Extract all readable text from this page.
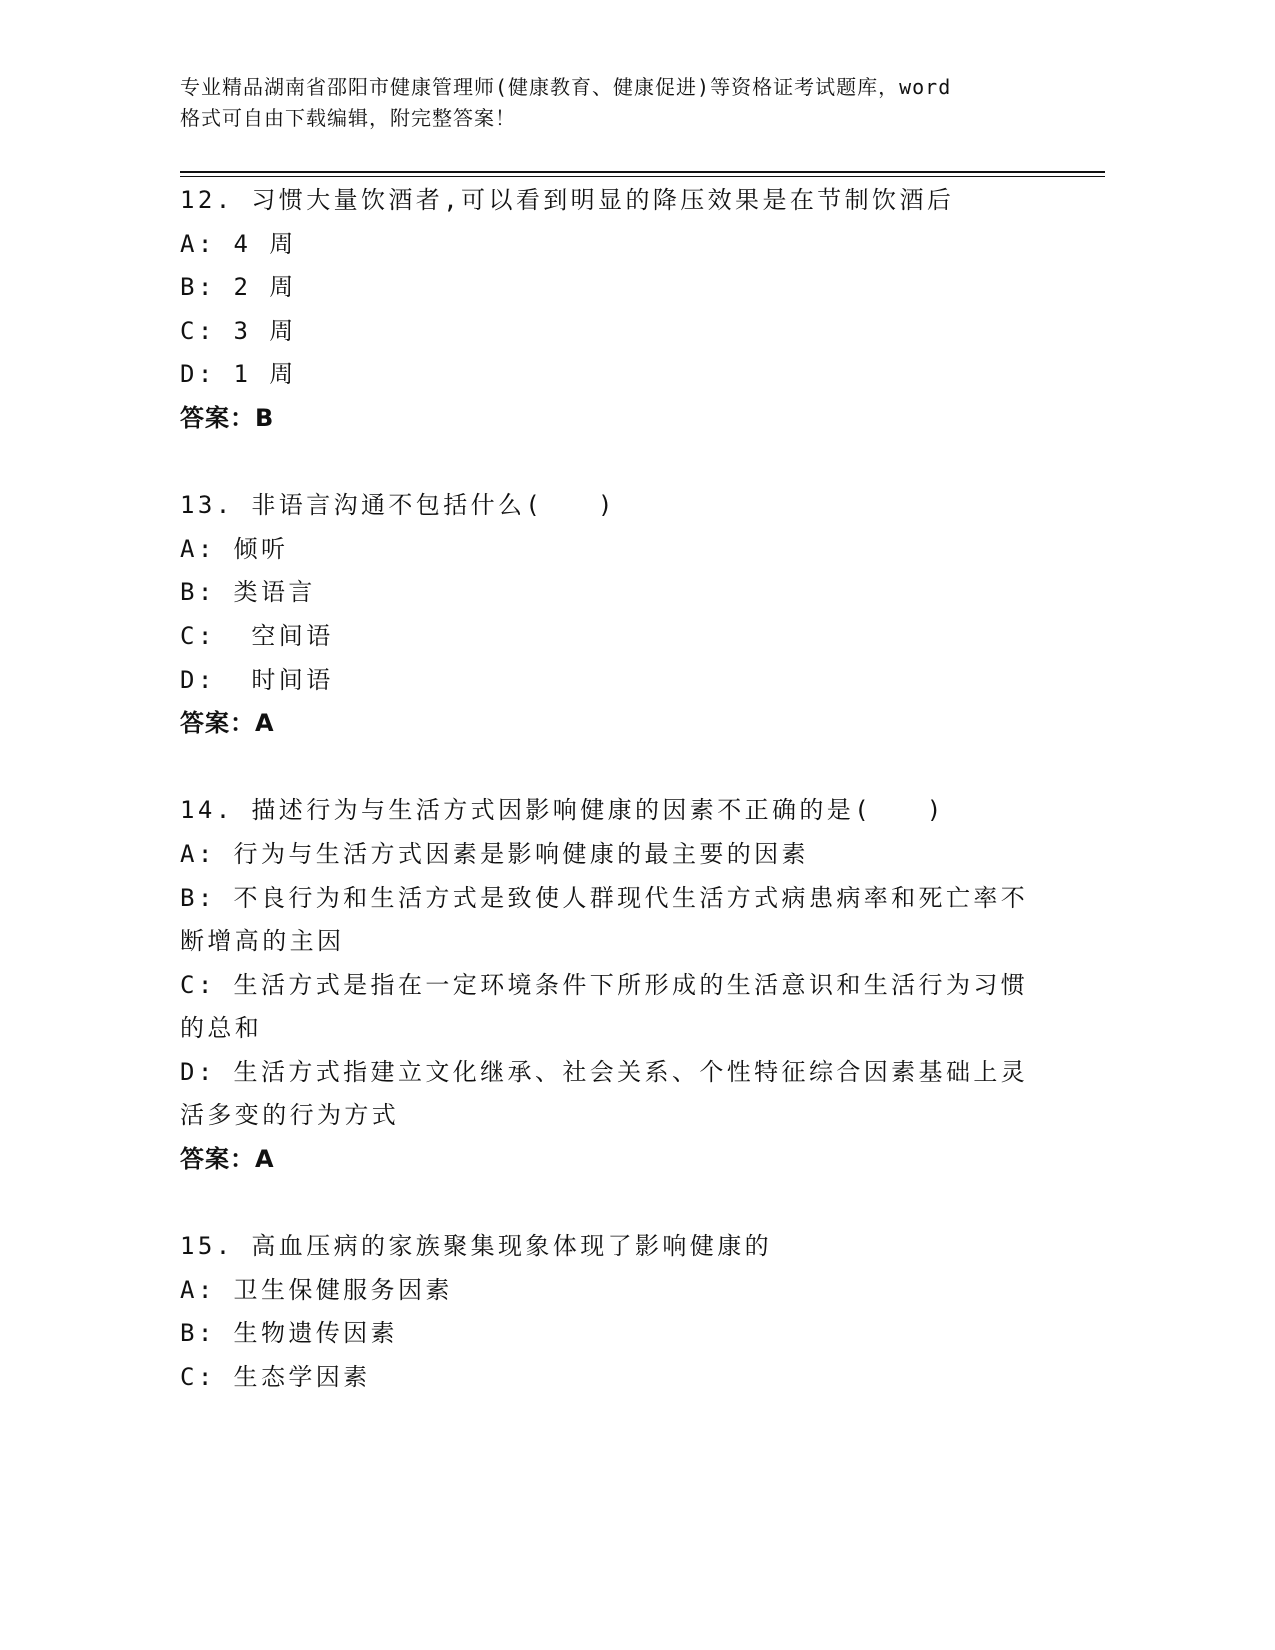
专业精品湖南省邵阳市健康管理师(健康教育、健康促进)等资格证考试题库，word
格式可自由下载编辑，附完整答案！
12. 习惯大量饮酒者,可以看到明显的降压效果是在节制饮酒后
A: 4 周
B: 2 周
C: 3 周
D: 1 周
答案：B
13. 非语言沟通不包括什么(　　)
A: 倾听
B: 类语言
C:  空间语
D:  时间语
答案：A
14. 描述行为与生活方式因影响健康的因素不正确的是(　　)
A: 行为与生活方式因素是影响健康的最主要的因素
B: 不良行为和生活方式是致使人群现代生活方式病患病率和死亡率不断增高的主因
C: 生活方式是指在一定环境条件下所形成的生活意识和生活行为习惯的总和
D: 生活方式指建立文化继承、社会关系、个性特征综合因素基础上灵活多变的行为方式
答案：A
15. 高血压病的家族聚集现象体现了影响健康的
A: 卫生保健服务因素
B: 生物遗传因素
C: 生态学因素
